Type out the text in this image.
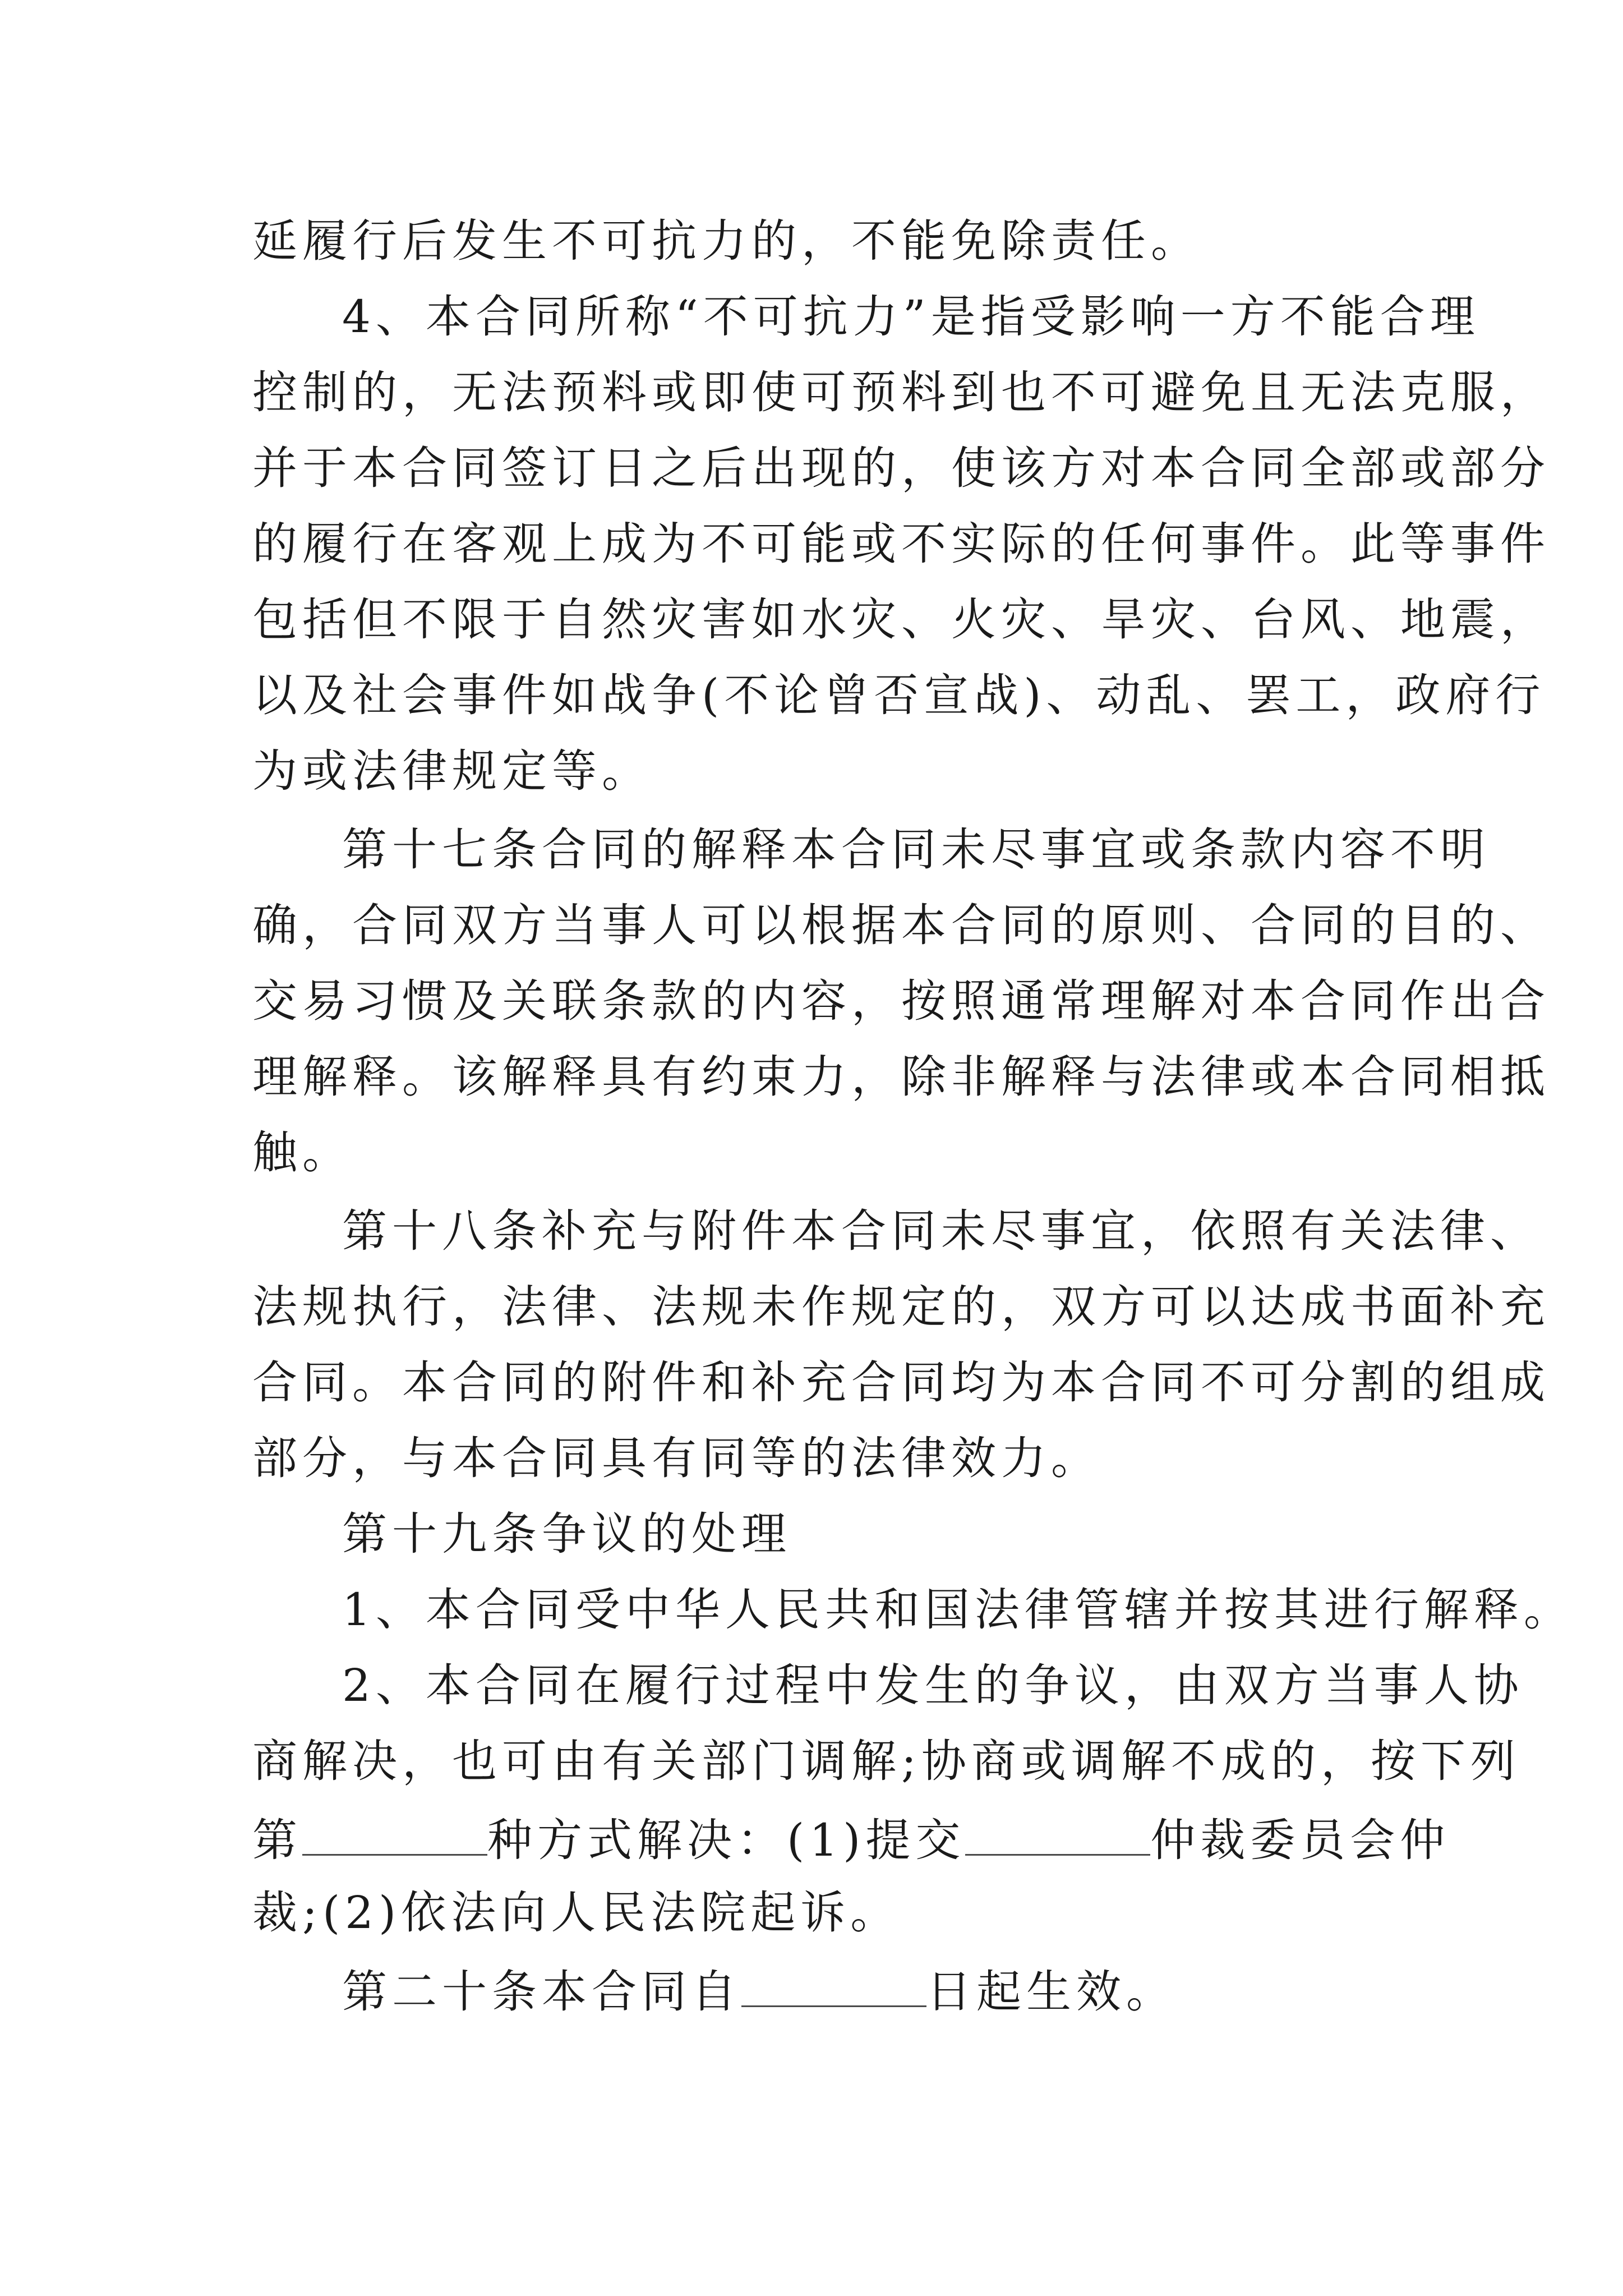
延履行后发生不可抗力的，不能免除责任。
4、本合同所称“不可抗力”是指受影响一方不能合理
控制的，无法预料或即使可预料到也不可避免且无法克服，
并于本合同签订日之后出现的，使该方对本合同全部或部分
的履行在客观上成为不可能或不实际的任何事件。此等事件
包括但不限于自然灾害如水灾、火灾、旱灾、台风、地震，
以及社会事件如战争(不论曾否宣战)、动乱、罢工，政府行
为或法律规定等。
第十七条合同的解释本合同未尽事宜或条款内容不明
确，合同双方当事人可以根据本合同的原则、合同的目的、
交易习惯及关联条款的内容，按照通常理解对本合同作出合
理解释。该解释具有约束力，除非解释与法律或本合同相抵
触。
第十八条补充与附件本合同未尽事宜，依照有关法律、
法规执行，法律、法规未作规定的，双方可以达成书面补充
合同。本合同的附件和补充合同均为本合同不可分割的组成
部分，与本合同具有同等的法律效力。
第十九条争议的处理
1、本合同受中华人民共和国法律管辖并按其进行解释。
2、本合同在履行过程中发生的争议，由双方当事人协
商解决，也可由有关部门调解;协商或调解不成的，按下列
第	种方式解决：(1)提交	仲裁委员会仲
裁;(2)依法向人民法院起诉。
第二十条本合同自	日起生效。
